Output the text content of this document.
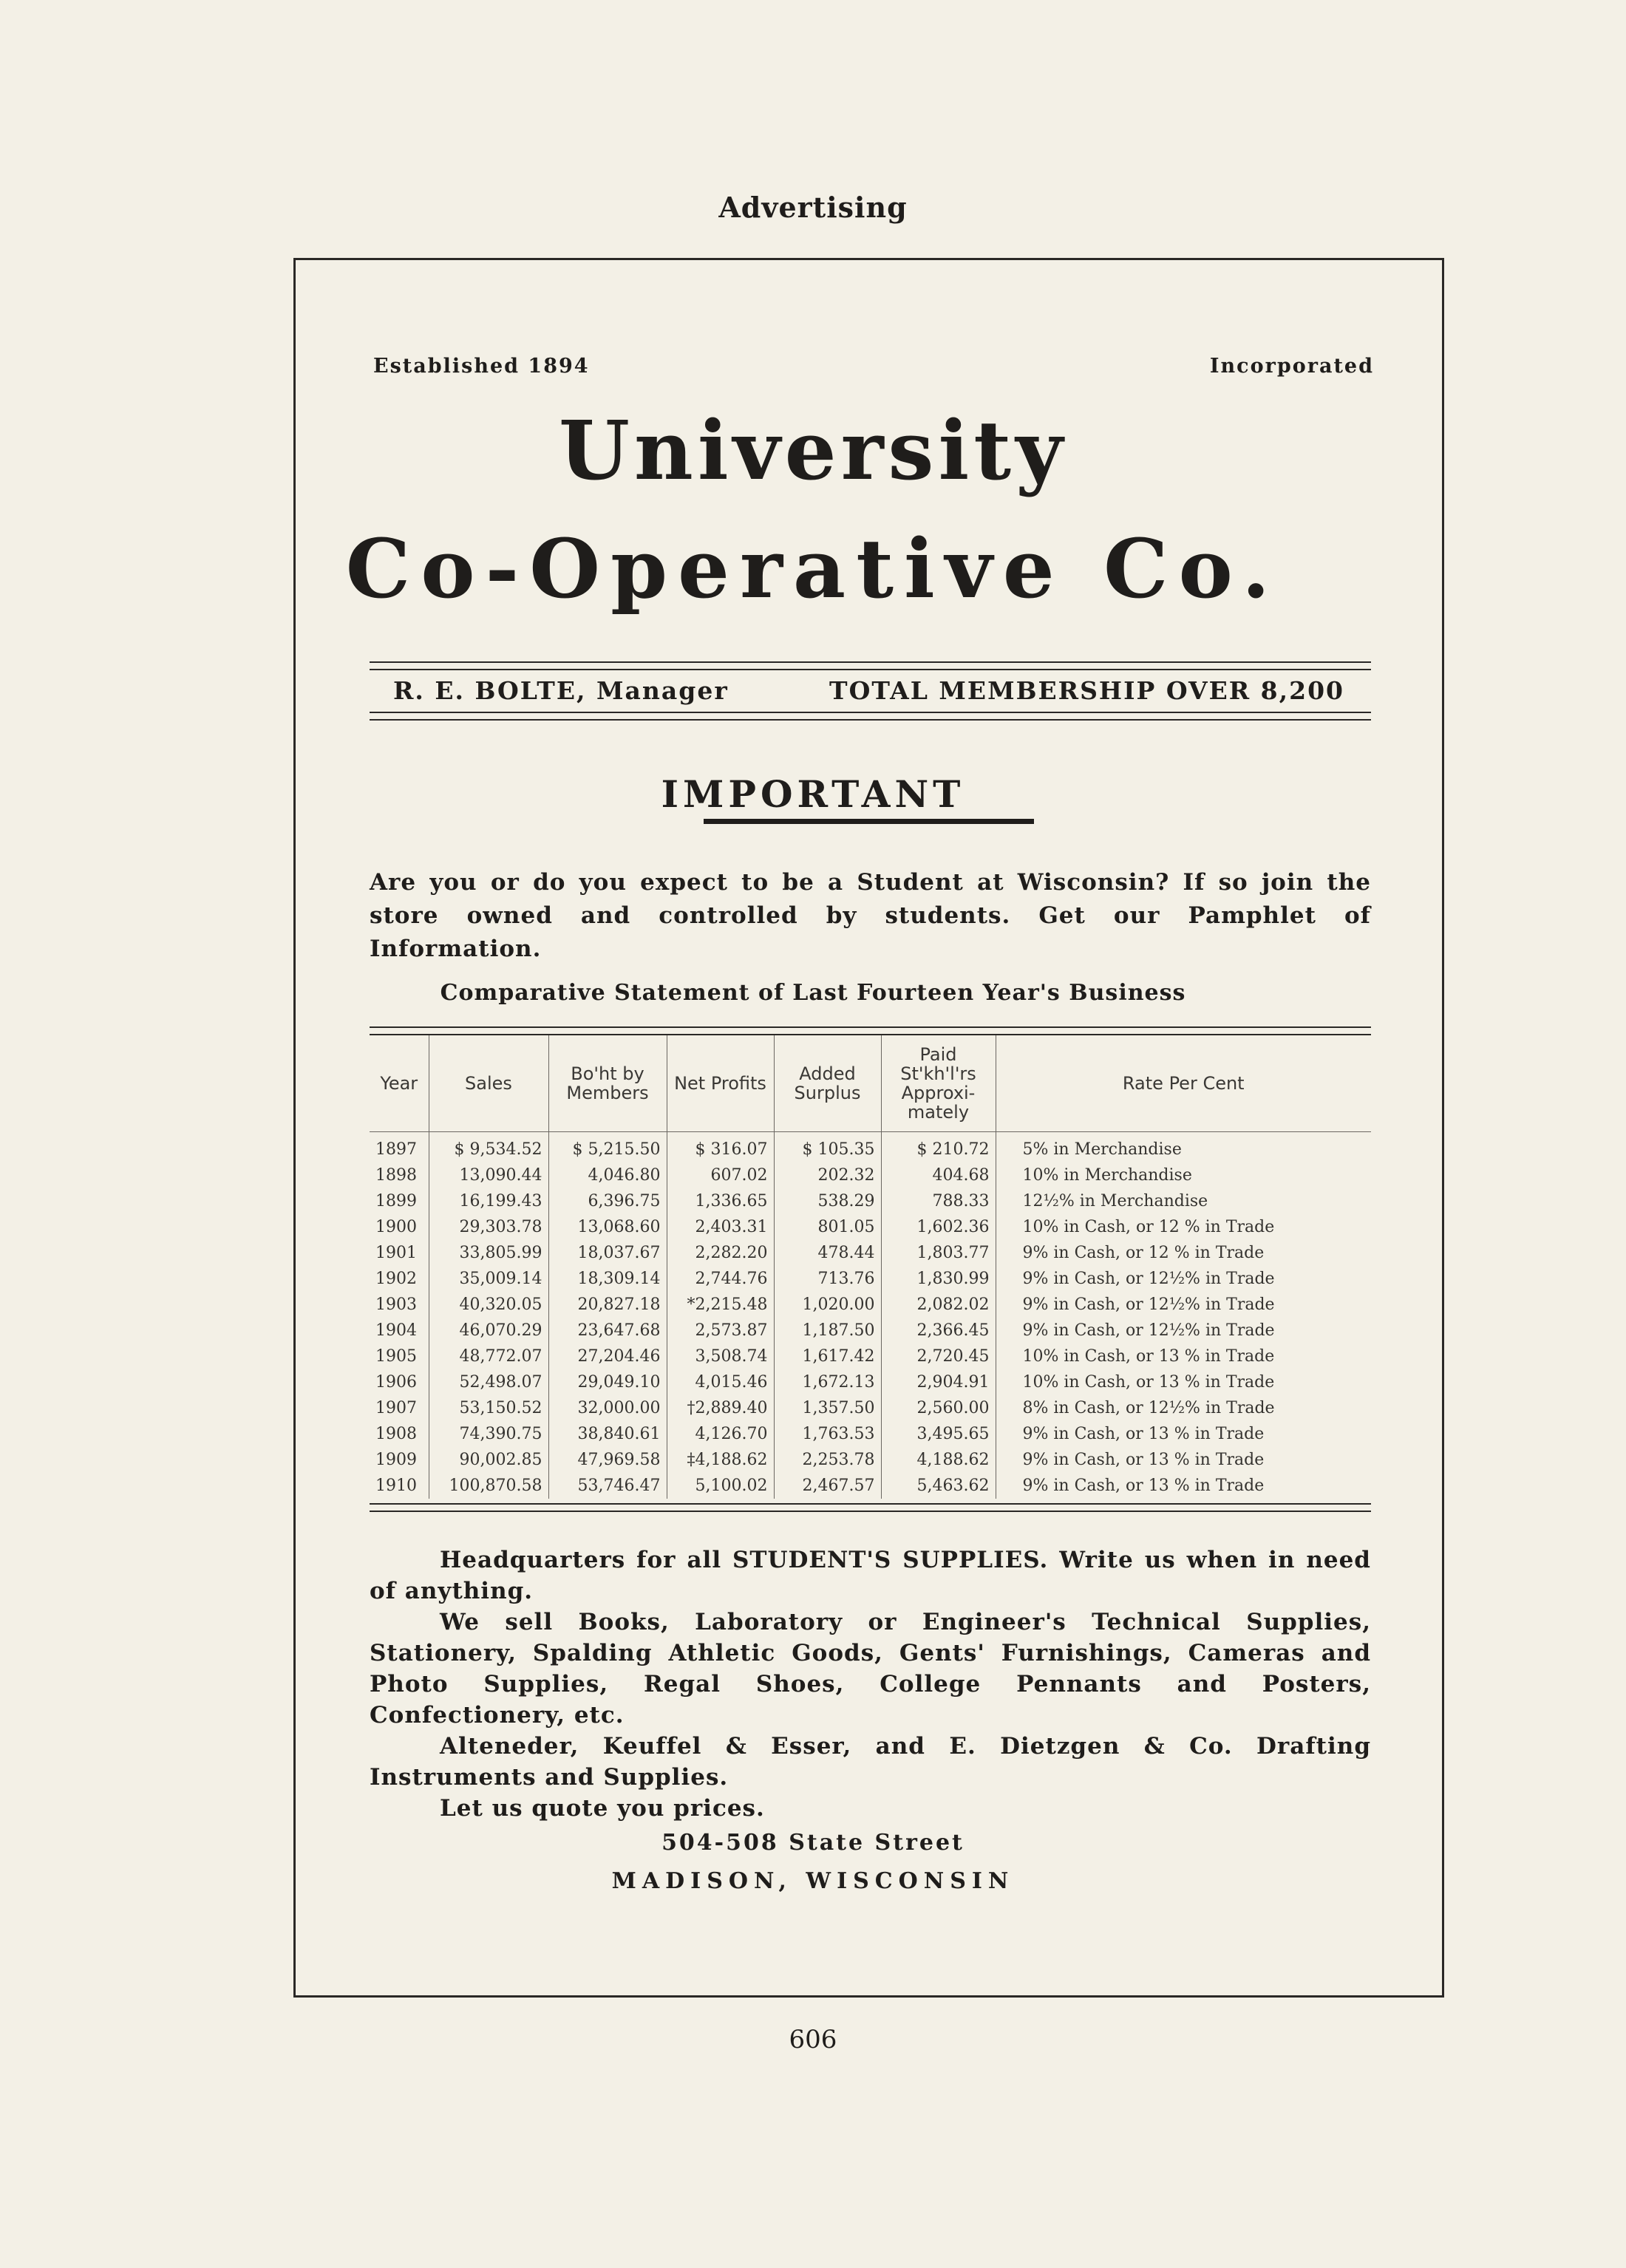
Advertising
Established 1894	Incorporated
University
Co-Operative Co.
R. E. BOLTE, Manager	TOTAL MEMBERSHIP OVER 8,200
IMPORTANT

Are you or do you expect to be a Student at Wisconsin? If so join the

store owned and controlled by students. Get our Pamphlet of Information.

Comparative Statement of Last Fourteen Year's Business
Year	Sales	Bo'ht by Members	Net Profits	Added Surplus	Paid St'kh'l'rs Approxi-mately	Rate Per Cent
1897	$ 9,534.52	$ 5,215.50	$ 316.07	$ 105.35	$ 210.72	5% in Merchandise
1898	13,090.44	4,046.80	607.02	202.32	404.68	10% in Merchandise
1899	16,199.43	6,396.75	1,336.65	538.29	788.33	12½% in Merchandise
1900	29,303.78	13,068.60	2,403.31	801.05	1,602.36	10% in Cash, or 12 % in Trade
1901	33,805.99	18,037.67	2,282.20	478.44	1,803.77	9% in Cash, or 12 % in Trade
1902	35,009.14	18,309.14	2,744.76	713.76	1,830.99	9% in Cash, or 12½% in Trade
1903	40,320.05	20,827.18	*2,215.48	1,020.00	2,082.02	9% in Cash, or 12½% in Trade
1904	46,070.29	23,647.68	2,573.87	1,187.50	2,366.45	9% in Cash, or 12½% in Trade
1905	48,772.07	27,204.46	3,508.74	1,617.42	2,720.45	10% in Cash, or 13 % in Trade
1906	52,498.07	29,049.10	4,015.46	1,672.13	2,904.91	10% in Cash, or 13 % in Trade
1907	53,150.52	32,000.00	†2,889.40	1,357.50	2,560.00	8% in Cash, or 12½% in Trade
1908	74,390.75	38,840.61	4,126.70	1,763.53	3,495.65	9% in Cash, or 13 % in Trade
1909	90,002.85	47,969.58	‡4,188.62	2,253.78	4,188.62	9% in Cash, or 13 % in Trade
1910	100,870.58	53,746.47	5,100.02	2,467.57	5,463.62	9% in Cash, or 13 % in Trade

Headquarters for all STUDENT'S SUPPLIES. Write us when in need of anything.

We sell Books, Laboratory or Engineer's Technical Supplies, Stationery, Spalding Athletic Goods, Gents' Furnishings, Cameras and Photo Supplies, Regal Shoes, College Pennants and Posters, Confectionery, etc.

Alteneder, Keuffel & Esser, and E. Dietzgen & Co. Drafting Instruments and Supplies.

Let us quote you prices.

504-508 State Street
MADISON, WISCONSIN
606
